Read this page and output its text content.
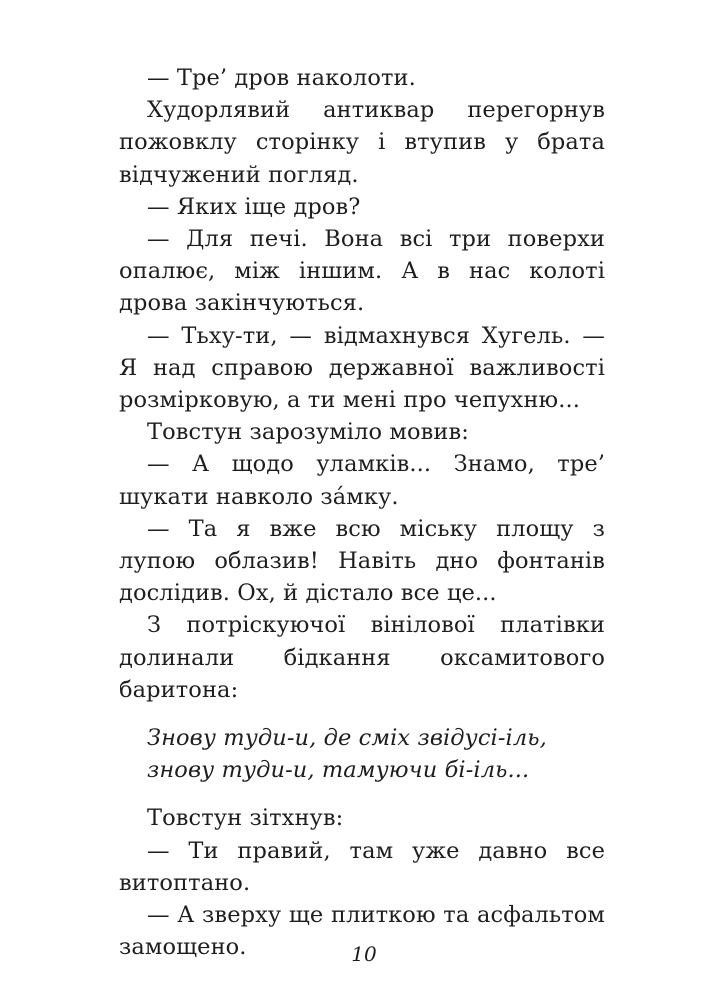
— Тре’ дров наколоти.

Худорлявий антиквар перегорнув пожовклу сторінку і втупив у брата відчужений погляд.

— Яких іще дров?

— Для печі. Вона всі три поверхи опалює, між іншим. А в нас колоті дрова закінчуються.

— Тьху-ти, — відмахнувся Хугель. — Я над справою державної важливості розмірковую, а ти мені про чепухню...

Товстун зарозуміло мовив:

— А щодо уламків... Знамо, тре’ шукати навколо за́мку.

— Та я вже всю міську площу з лупою облазив! Навіть дно фонтанів дослідив. Ох, й дістало все це...

З потріскуючої вінілової платівки долинали бідкання оксамитового баритона:

Знову туди-и, де сміх звідусі-іль,

знову туди-и, тамуючи бі-іль...

Товстун зітхнув:

— Ти правий, там уже давно все витоптано.

— А зверху ще плиткою та асфальтом замощено.	10
